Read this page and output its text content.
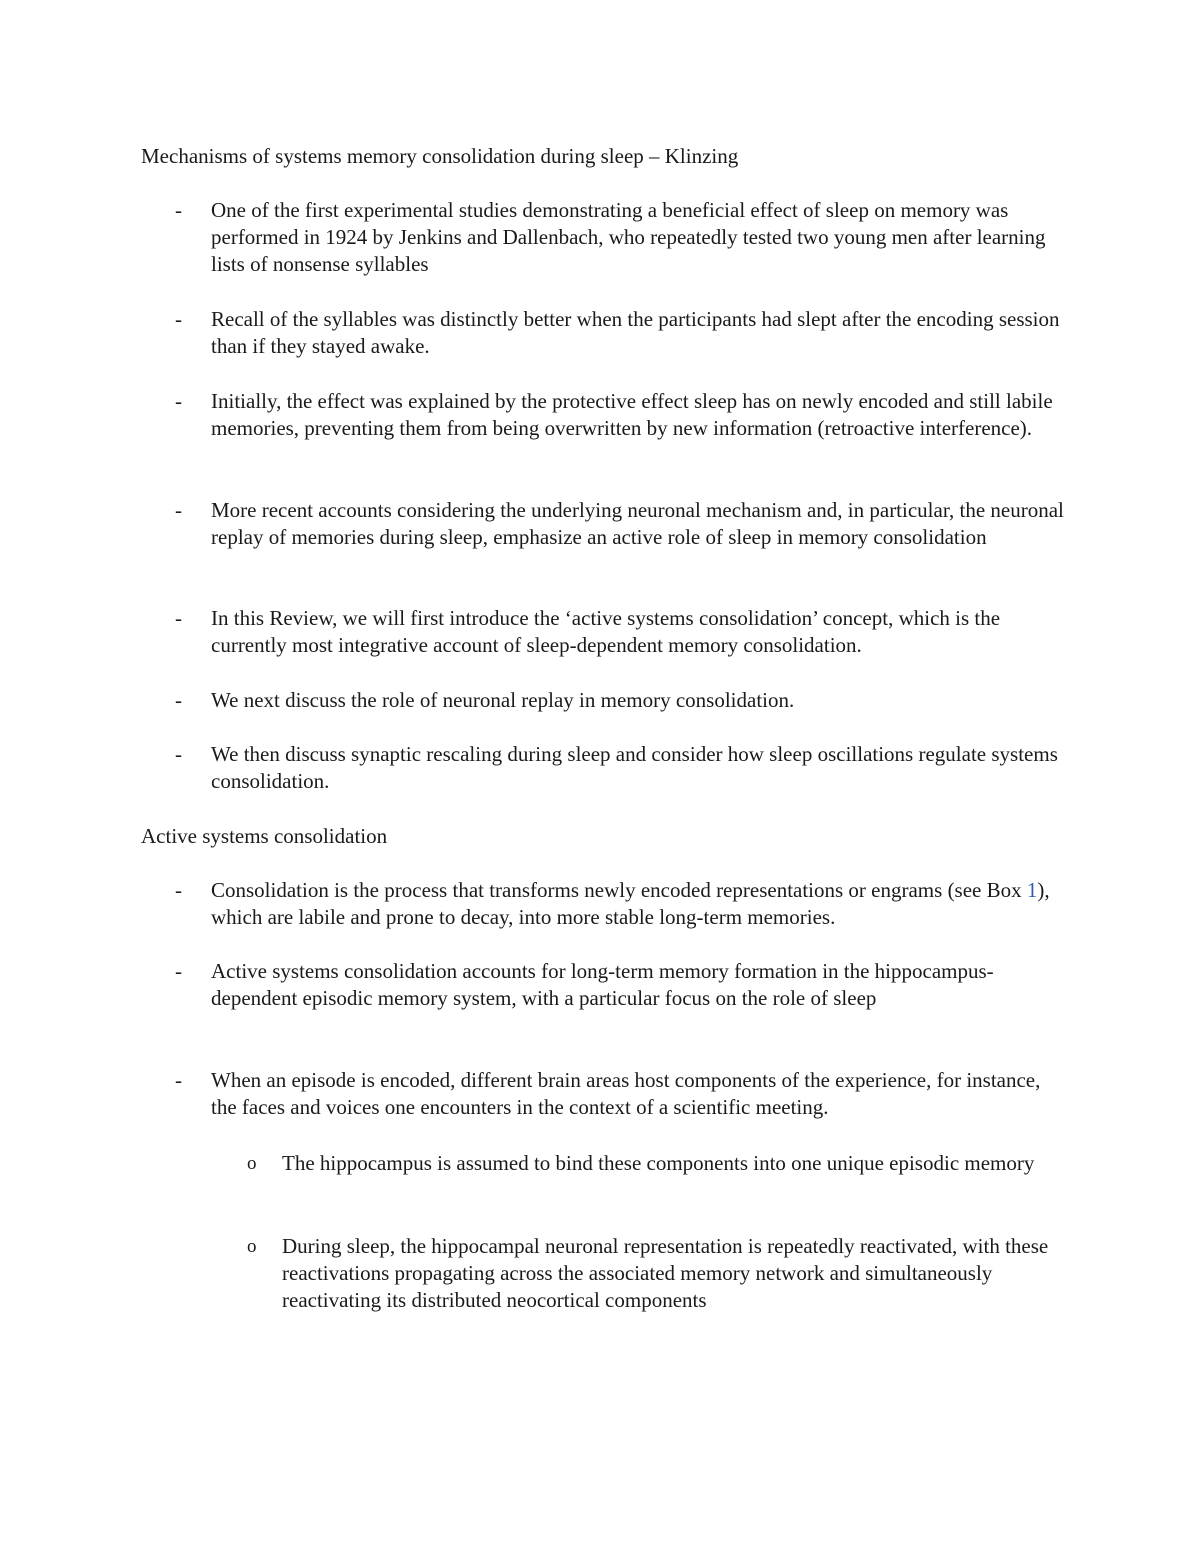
Mechanisms of systems memory consolidation during sleep – Klinzing
-	One of the first experimental studies demonstrating a beneficial effect of sleep on memory was performed in 1924 by Jenkins and Dallenbach, who repeatedly tested two young men after learning lists of nonsense syllables
-	Recall of the syllables was distinctly better when the participants had slept after the encoding session than if they stayed awake.
-	Initially, the effect was explained by the protective effect sleep has on newly encoded and still labile memories, preventing them from being overwritten by new information (retroactive interference).
-	More recent accounts considering the underlying neuronal mechanism and, in particular, the neuronal replay of memories during sleep, emphasize an active role of sleep in memory consolidation
-	In this Review, we will first introduce the ‘active systems consolidation’ concept, which is the currently most integrative account of sleep-dependent memory consolidation.
-	We next discuss the role of neuronal replay in memory consolidation.
-	We then discuss synaptic rescaling during sleep and consider how sleep oscillations regulate systems consolidation.
Active systems consolidation
-	Consolidation is the process that transforms newly encoded representations or engrams (see Box 1), which are labile and prone to decay, into more stable long-term memories.
-	Active systems consolidation accounts for long-term memory formation in the hippocampus-dependent episodic memory system, with a particular focus on the role of sleep
-	When an episode is encoded, different brain areas host components of the experience, for instance, the faces and voices one encounters in the context of a scientific meeting.
o	The hippocampus is assumed to bind these components into one unique episodic memory
o	During sleep, the hippocampal neuronal representation is repeatedly reactivated, with these reactivations propagating across the associated memory network and simultaneously reactivating its distributed neocortical components
